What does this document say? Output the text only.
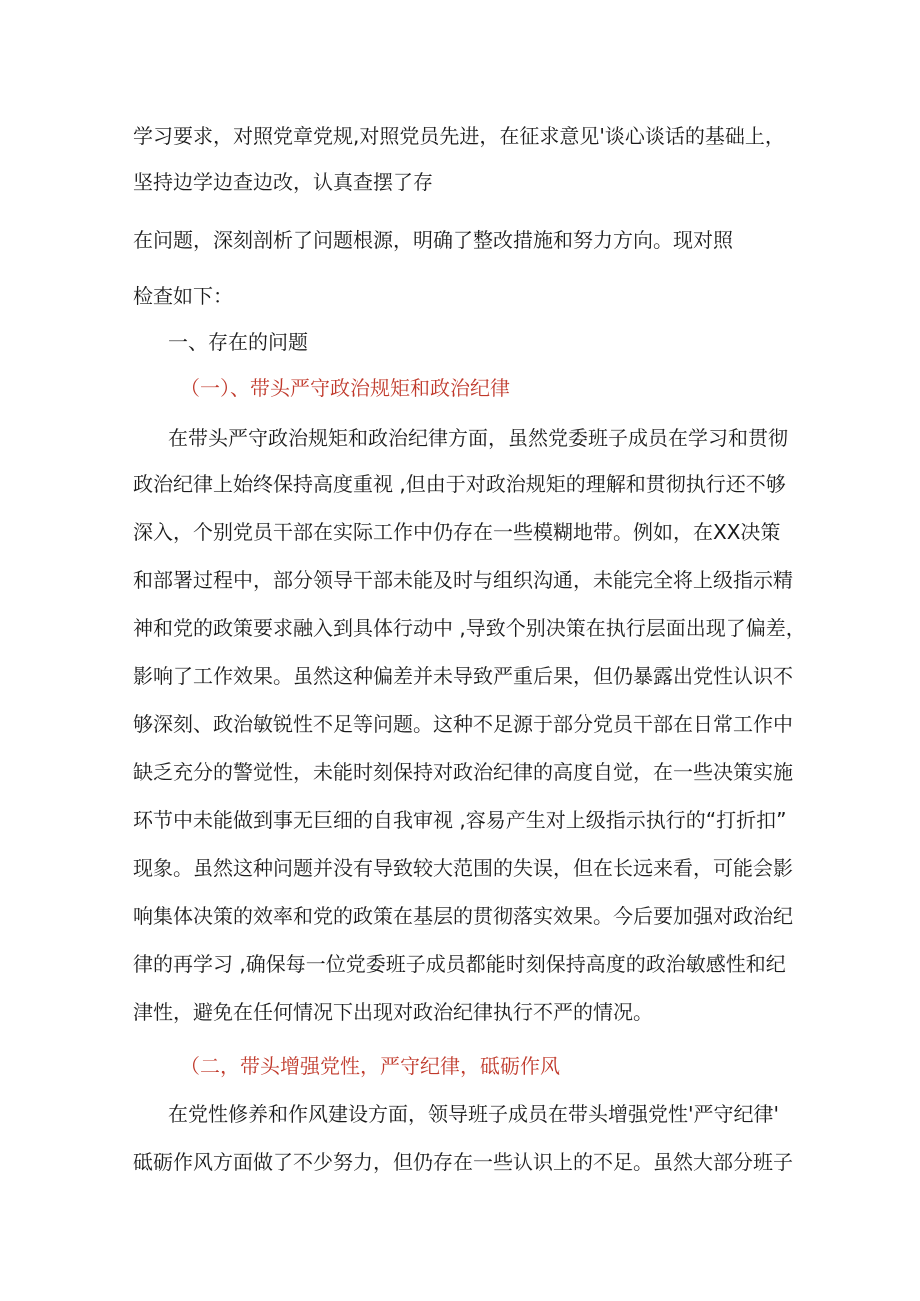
学习要求，对照党章党规,对照党员先进，在征求意见'谈心谈话的基础上，
坚持边学边查边改，认真查摆了存
在问题，深刻剖析了问题根源，明确了整改措施和努力方向。现对照
检查如下：
一、存在的问题
（一）、带头严守政治规矩和政治纪律
在带头严守政治规矩和政治纪律方面，虽然党委班子成员在学习和贯彻
政治纪律上始终保持高度重视 ,但由于对政治规矩的理解和贯彻执行还不够
深入，个别党员干部在实际工作中仍存在一些模糊地带。例如，在XX决策
和部署过程中，部分领导干部未能及时与组织沟通，未能完全将上级指示精
神和党的政策要求融入到具体行动中 ,导致个别决策在执行层面出现了偏差，
影响了工作效果。虽然这种偏差并未导致严重后果，但仍暴露出党性认识不
够深刻、政治敏锐性不足等问题。这种不足源于部分党员干部在日常工作中
缺乏充分的警觉性，未能时刻保持对政治纪律的高度自觉，在一些决策实施
环节中未能做到事无巨细的自我审视 ,容易产生对上级指示执行的“打折扣”
现象。虽然这种问题并没有导致较大范围的失误，但在长远来看，可能会影
响集体决策的效率和党的政策在基层的贯彻落实效果。今后要加强对政治纪
律的再学习 ,确保每一位党委班子成员都能时刻保持高度的政治敏感性和纪
津性，避免在任何情况下出现对政治纪律执行不严的情况。
（二，带头增强党性，严守纪律，砥砺作风
在党性修养和作风建设方面，领导班子成员在带头增强党性'严守纪律'
砥砺作风方面做了不少努力，但仍存在一些认识上的不足。虽然大部分班子
